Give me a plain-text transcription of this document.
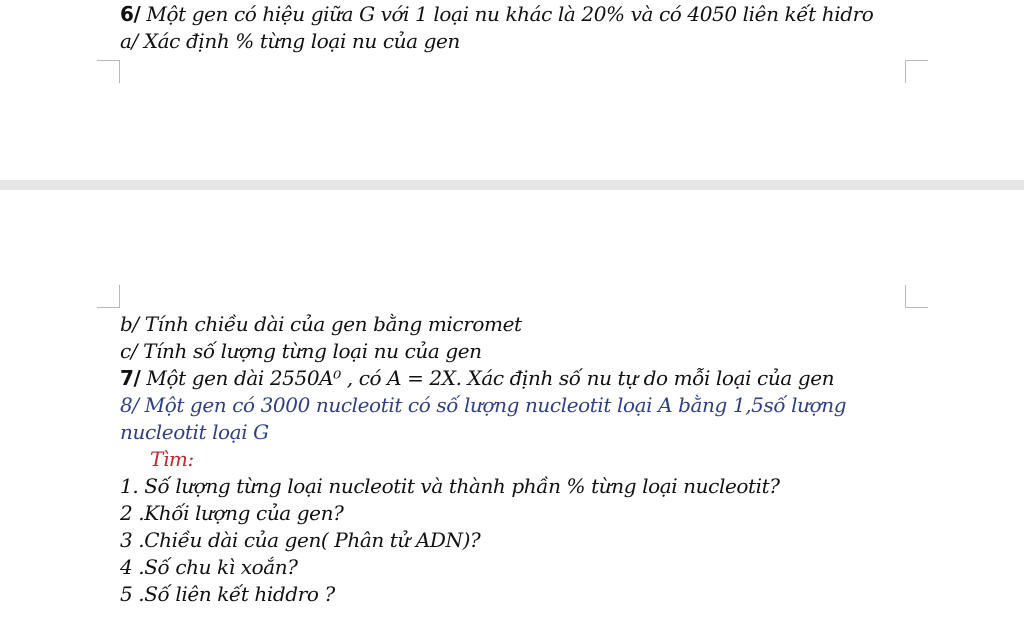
6/ Một gen có hiệu giữa G với 1 loại nu khác là 20% và có 4050 liên kết hidro
a/ Xác định % từng loại nu của gen
b/ Tính chiều dài của gen bằng micromet
c/ Tính số lượng từng loại nu của gen
7/ Một gen dài 2550A⁰ , có A = 2X. Xác định số nu tự do mỗi loại của gen
8/ Một gen có 3000 nucleotit có số lượng nucleotit loại A bằng 1,5số lượng
nucleotit loại G
Tìm:
1. Số lượng từng loại nucleotit và thành phần % từng loại nucleotit?
2 .Khối lượng của gen?
3 .Chiều dài của gen( Phân tử ADN)?
4 .Số chu kì xoắn?
5 .Số liên kết hiddro ?
